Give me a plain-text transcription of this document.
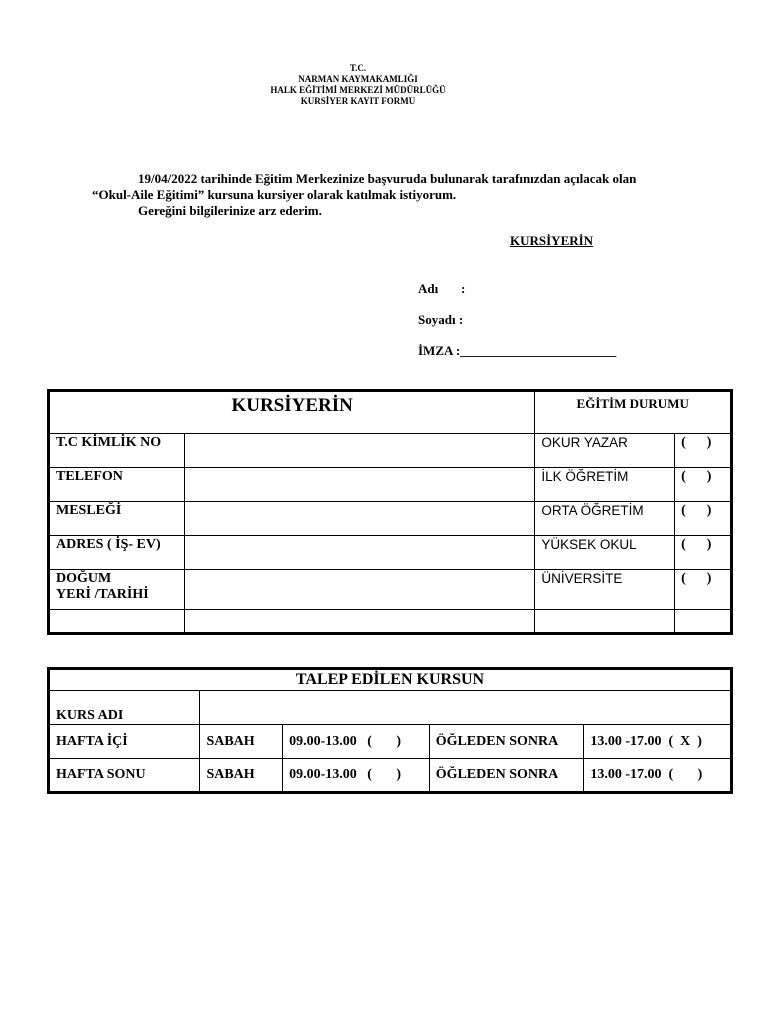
T.C.
NARMAN KAYMAKAMLIĞI
HALK EĞİTİMİ MERKEZİ MÜDÜRLÜĞÜ
KURSİYER KAYIT FORMU
19/04/2022 tarihinde Eğitim Merkezinize başvuruda bulunarak tarafınızdan açılacak olan
“Okul-Aile Eğitimi” kursuna kursiyer olarak katılmak istiyorum.
Gereğini bilgilerinize arz ederim.
KURSİYERİN
Adı       :
Soyadı :
İMZA :________________________
KURSİYERİN		EĞİTİM DURUMU	
T.C KİMLİK NO		OKUR YAZAR	(      )
TELEFON		İLK ÖĞRETİM	(      )
MESLEĞİ		ORTA ÖĞRETİM	(      )
ADRES ( İŞ- EV)		YÜKSEK OKUL	(      )

DOĞUM
YERİ /TARİHİ		ÜNİVERSİTE	(      )

TALEP EDİLEN KURSUN				
KURS ADI				
HAFTA İÇİ	SABAH	09.00-13.00 (       )	ÖĞLEDEN SONRA	13.00 -17.00 (  X  )
HAFTA SONU	SABAH	09.00-13.00 (       )	ÖĞLEDEN SONRA	13.00 -17.00 (       )
